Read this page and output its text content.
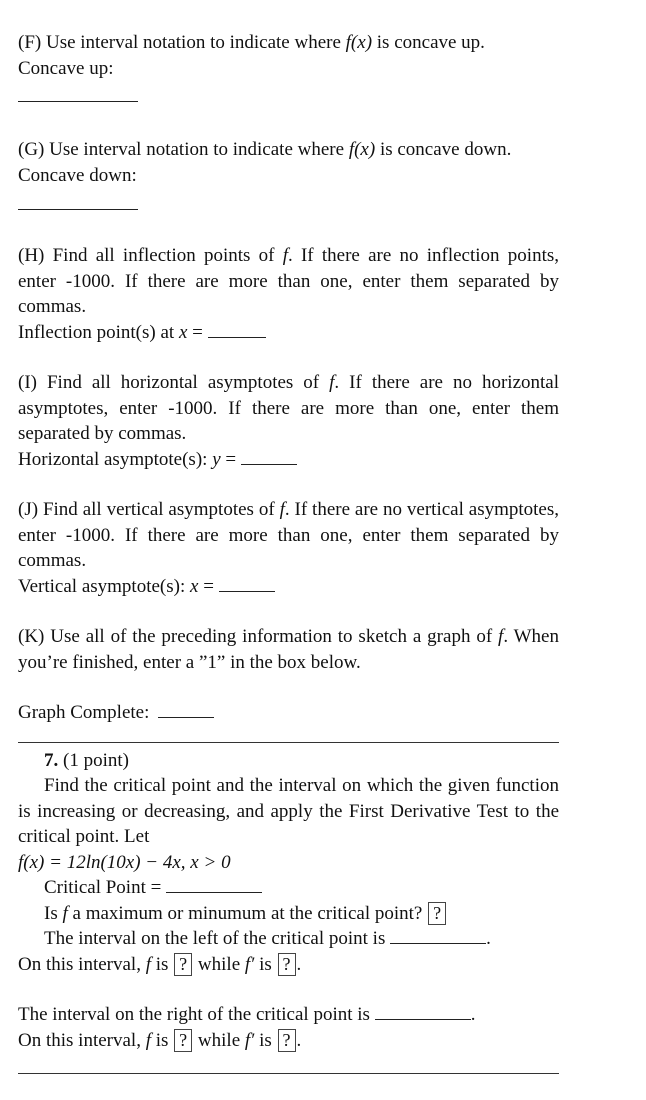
(F) Use interval notation to indicate where f(x) is concave up.

Concave up:

(G) Use interval notation to indicate where f(x) is concave down.

Concave down:

(H) Find all inflection points of f. If there are no inflection points, enter -1000. If there are more than one, enter them separated by commas.

Inflection point(s) at x =

(I) Find all horizontal asymptotes of f. If there are no horizontal asymptotes, enter -1000. If there are more than one, enter them separated by commas.

Horizontal asymptote(s): y =

(J) Find all vertical asymptotes of f. If there are no vertical asymptotes, enter -1000. If there are more than one, enter them separated by commas.

Vertical asymptote(s): x =

(K) Use all of the preceding information to sketch a graph of f. When you’re finished, enter a ”1” in the box below.

Graph Complete:

7. (1 point)

Find the critical point and the interval on which the given function is increasing or decreasing, and apply the First Derivative Test to the critical point. Let

f(x) = 12ln(10x) − 4x, x > 0

Critical Point =

Is f a maximum or minumum at the critical point? ?

The interval on the left of the critical point is	.

On this interval, f is ? while f′ is ? .

The interval on the right of the critical point is	.

On this interval, f is ? while f′ is ? .
